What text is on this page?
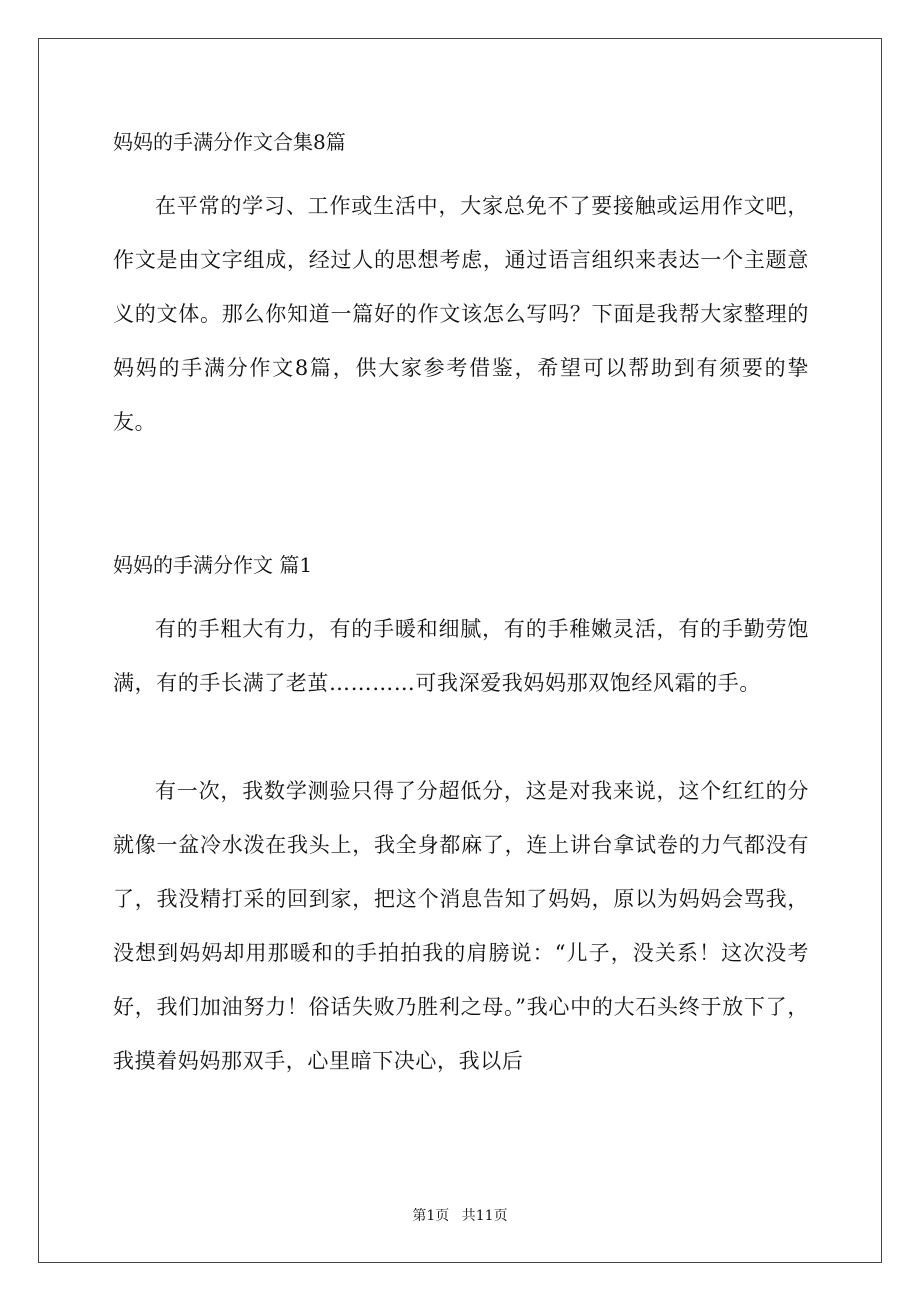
妈妈的手满分作文合集8篇

在平常的学习、工作或生活中，大家总免不了要接触或运用作文吧，作文是由文字组成，经过人的思想考虑，通过语言组织来表达一个主题意义的文体。那么你知道一篇好的作文该怎么写吗？下面是我帮大家整理的妈妈的手满分作文8篇，供大家参考借鉴，希望可以帮助到有须要的挚友。

妈妈的手满分作文 篇1

有的手粗大有力，有的手暖和细腻，有的手稚嫩灵活，有的手勤劳饱满，有的手长满了老茧…………可我深爱我妈妈那双饱经风霜的手。

有一次，我数学测验只得了分超低分，这是对我来说，这个红红的分就像一盆冷水泼在我头上，我全身都麻了，连上讲台拿试卷的力气都没有了，我没精打采的回到家，把这个消息告知了妈妈，原以为妈妈会骂我，没想到妈妈却用那暖和的手拍拍我的肩膀说：“儿子，没关系！这次没考好，我们加油努力！俗话失败乃胜利之母。”我心中的大石头终于放下了，我摸着妈妈那双手，心里暗下决心，我以后

第1页 共11页
